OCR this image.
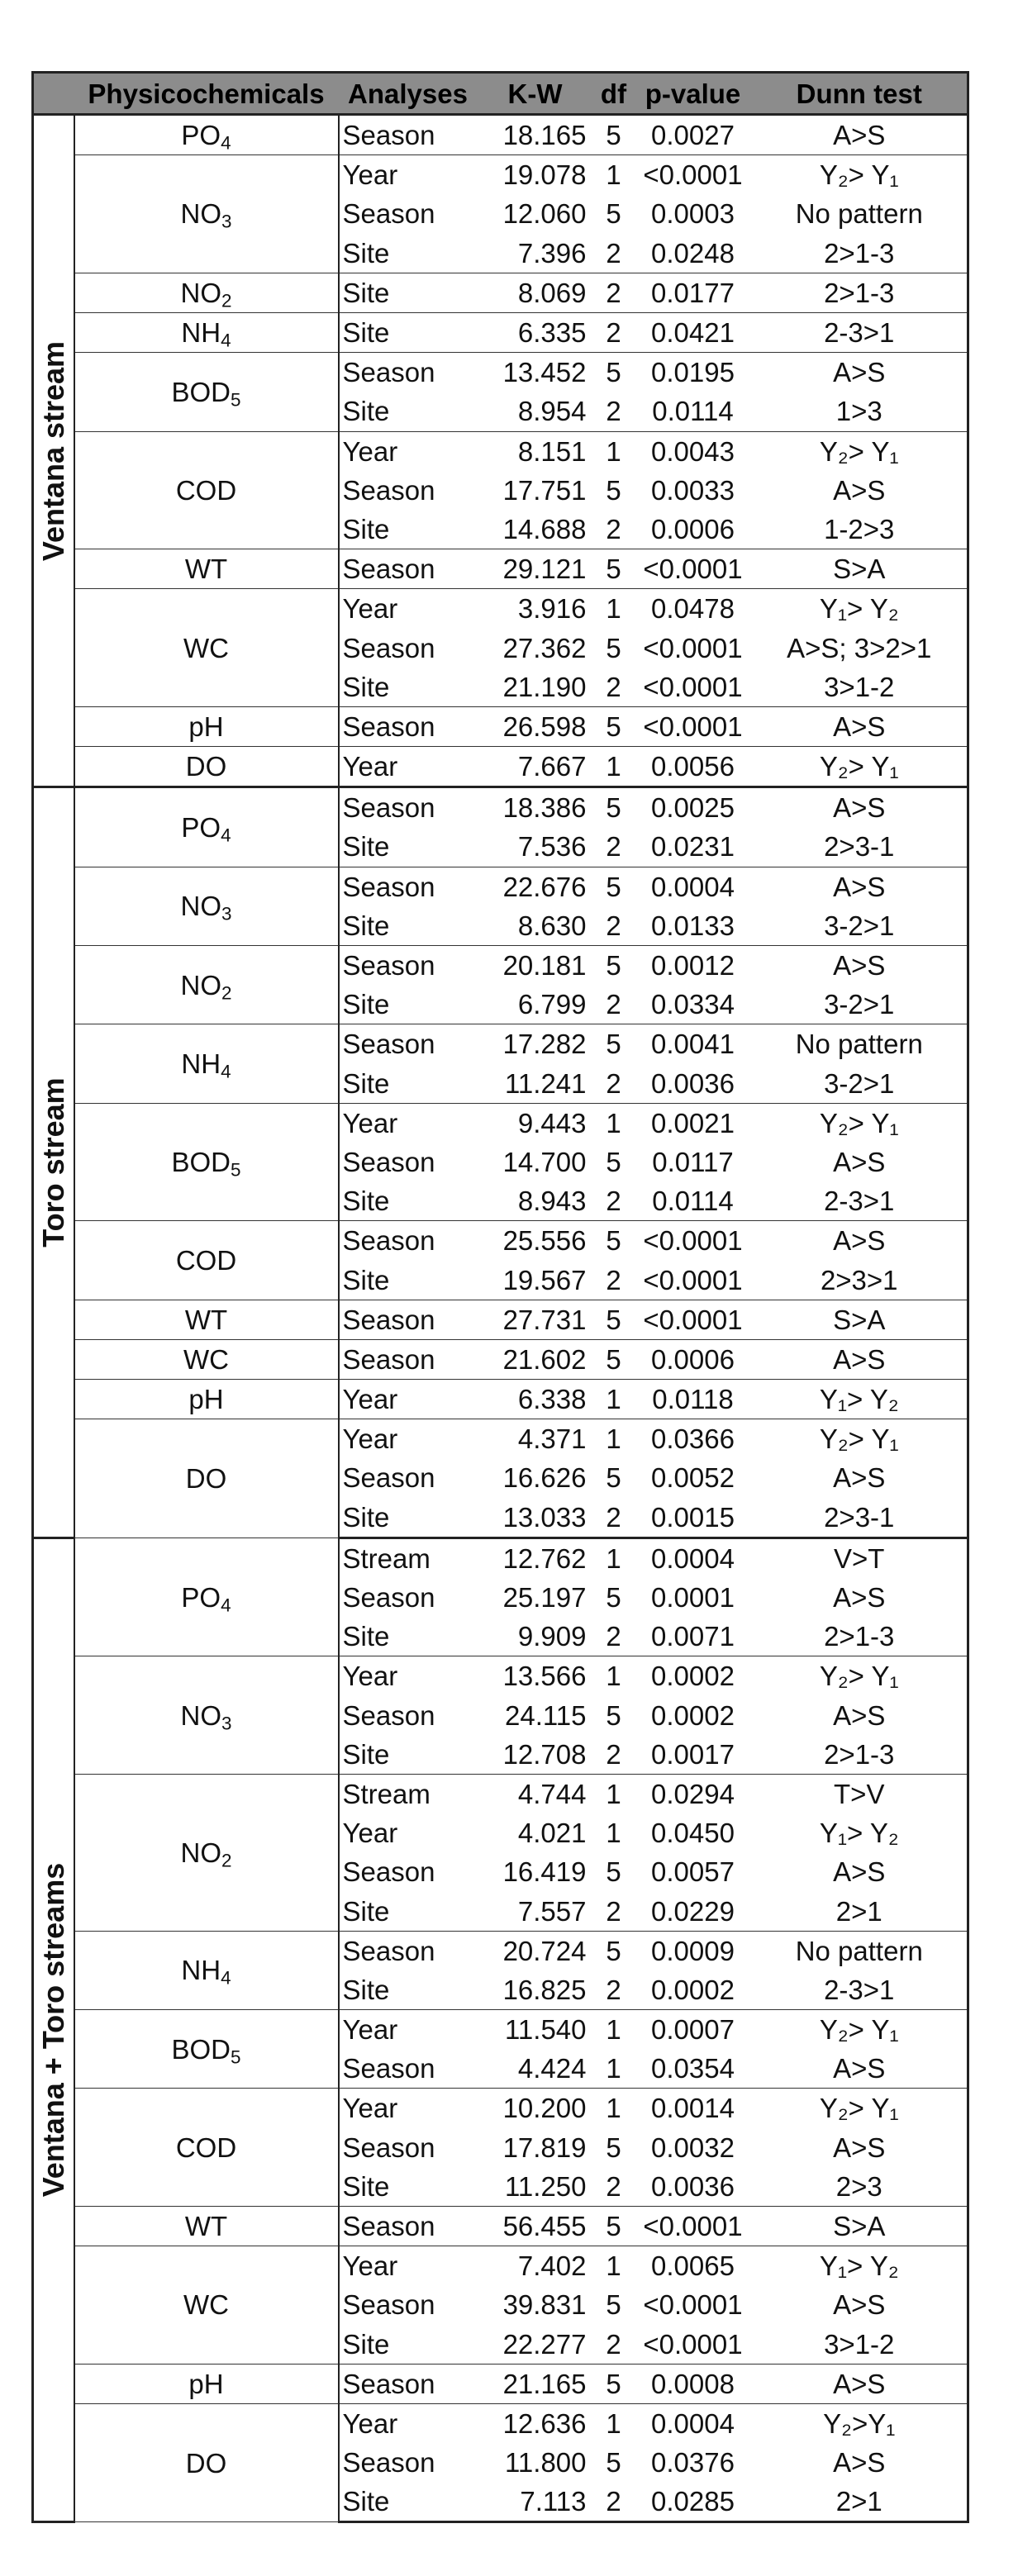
	Physicochemicals	Analyses	K-W	df	p-value	Dunn test

Ventana stream	$PO_4$	Season	18.165	5	0.0027	A>S
	$NO_3$	Year	19.078	1	<0.0001	Y₂> Y₁
		Season	12.060	5	0.0003	No pattern
		Site	7.396	2	0.0248	2>1-3
	$NO_2$	Site	8.069	2	0.0177	2>1-3
	$NH_4$	Site	6.335	2	0.0421	2-3>1
	$BOD_5$	Season	13.452	5	0.0195	A>S
		Site	8.954	2	0.0114	1>3
	COD	Year	8.151	1	0.0043	Y₂> Y₁
		Season	17.751	5	0.0033	A>S
		Site	14.688	2	0.0006	1-2>3
	WT	Season	29.121	5	<0.0001	S>A
	WC	Year	3.916	1	0.0478	Y₁> Y₂
		Season	27.362	5	<0.0001	A>S; 3>2>1
		Site	21.190	2	<0.0001	3>1-2
	pH	Season	26.598	5	<0.0001	A>S
	DO	Year	7.667	1	0.0056	Y₂> Y₁

Toro stream	$PO_4$	Season	18.386	5	0.0025	A>S
		Site	7.536	2	0.0231	2>3-1
	$NO_3$	Season	22.676	5	0.0004	A>S
		Site	8.630	2	0.0133	3-2>1
	$NO_2$	Season	20.181	5	0.0012	A>S
		Site	6.799	2	0.0334	3-2>1
	$NH_4$	Season	17.282	5	0.0041	No pattern
		Site	11.241	2	0.0036	3-2>1
	$BOD_5$	Year	9.443	1	0.0021	Y₂> Y₁
		Season	14.700	5	0.0117	A>S
		Site	8.943	2	0.0114	2-3>1
	COD	Season	25.556	5	<0.0001	A>S
		Site	19.567	2	<0.0001	2>3>1
	WT	Season	27.731	5	<0.0001	S>A
	WC	Season	21.602	5	0.0006	A>S
	pH	Year	6.338	1	0.0118	Y₁> Y₂
	DO	Year	4.371	1	0.0366	Y₂> Y₁
		Season	16.626	5	0.0052	A>S
		Site	13.033	2	0.0015	2>3-1

Ventana + Toro streams	$PO_4$	Stream	12.762	1	0.0004	V>T
		Season	25.197	5	0.0001	A>S
		Site	9.909	2	0.0071	2>1-3
	$NO_3$	Year	13.566	1	0.0002	Y₂> Y₁
		Season	24.115	5	0.0002	A>S
		Site	12.708	2	0.0017	2>1-3
	$NO_2$	Stream	4.744	1	0.0294	T>V
		Year	4.021	1	0.0450	Y₁> Y₂
		Season	16.419	5	0.0057	A>S
		Site	7.557	2	0.0229	2>1
	$NH_4$	Season	20.724	5	0.0009	No pattern
		Site	16.825	2	0.0002	2-3>1
	$BOD_5$	Year	11.540	1	0.0007	Y₂> Y₁
		Season	4.424	1	0.0354	A>S
	COD	Year	10.200	1	0.0014	Y₂> Y₁
		Season	17.819	5	0.0032	A>S
		Site	11.250	2	0.0036	2>3
	WT	Season	56.455	5	<0.0001	S>A
	WC	Year	7.402	1	0.0065	Y₁> Y₂
		Season	39.831	5	<0.0001	A>S
		Site	22.277	2	<0.0001	3>1-2
	pH	Season	21.165	5	0.0008	A>S
	DO	Year	12.636	1	0.0004	Y₂>Y₁
		Season	11.800	5	0.0376	A>S
		Site	7.113	2	0.0285	2>1
